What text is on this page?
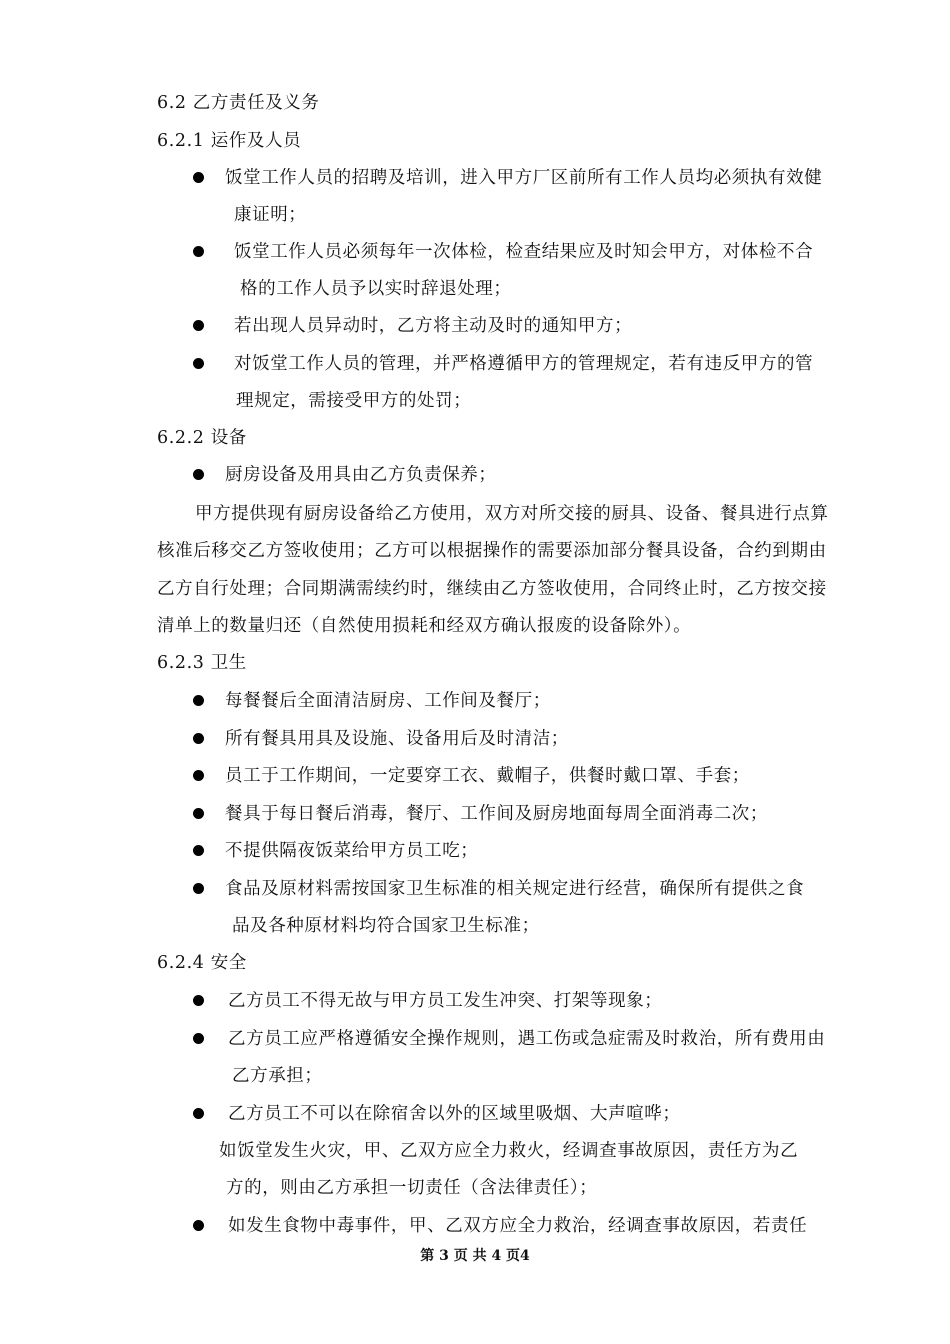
6.2 乙方责任及义务
6.2.1 运作及人员
饭堂工作人员的招聘及培训，进入甲方厂区前所有工作人员均必须执有效健
康证明；
饭堂工作人员必须每年一次体检，检查结果应及时知会甲方，对体检不合
格的工作人员予以实时辞退处理；
若出现人员异动时，乙方将主动及时的通知甲方；
对饭堂工作人员的管理，并严格遵循甲方的管理规定，若有违反甲方的管
理规定，需接受甲方的处罚；
6.2.2 设备
厨房设备及用具由乙方负责保养；
甲方提供现有厨房设备给乙方使用，双方对所交接的厨具、设备、餐具进行点算
核准后移交乙方签收使用；乙方可以根据操作的需要添加部分餐具设备，合约到期由
乙方自行处理；合同期满需续约时，继续由乙方签收使用，合同终止时，乙方按交接
清单上的数量归还（自然使用损耗和经双方确认报废的设备除外）。
6.2.3 卫生
每餐餐后全面清洁厨房、工作间及餐厅；
所有餐具用具及设施、设备用后及时清洁；
员工于工作期间，一定要穿工衣、戴帽子，供餐时戴口罩、手套；
餐具于每日餐后消毒，餐厅、工作间及厨房地面每周全面消毒二次；
不提供隔夜饭菜给甲方员工吃；
食品及原材料需按国家卫生标准的相关规定进行经营，确保所有提供之食
品及各种原材料均符合国家卫生标准；
6.2.4 安全
乙方员工不得无故与甲方员工发生冲突、打架等现象；
乙方员工应严格遵循安全操作规则，遇工伤或急症需及时救治，所有费用由
乙方承担；
乙方员工不可以在除宿舍以外的区域里吸烟、大声喧哗；
如饭堂发生火灾，甲、乙双方应全力救火，经调查事故原因，责任方为乙
方的，则由乙方承担一切责任（含法律责任）；
如发生食物中毒事件，甲、乙双方应全力救治，经调查事故原因，若责任
第 3 页 共 4 页4
